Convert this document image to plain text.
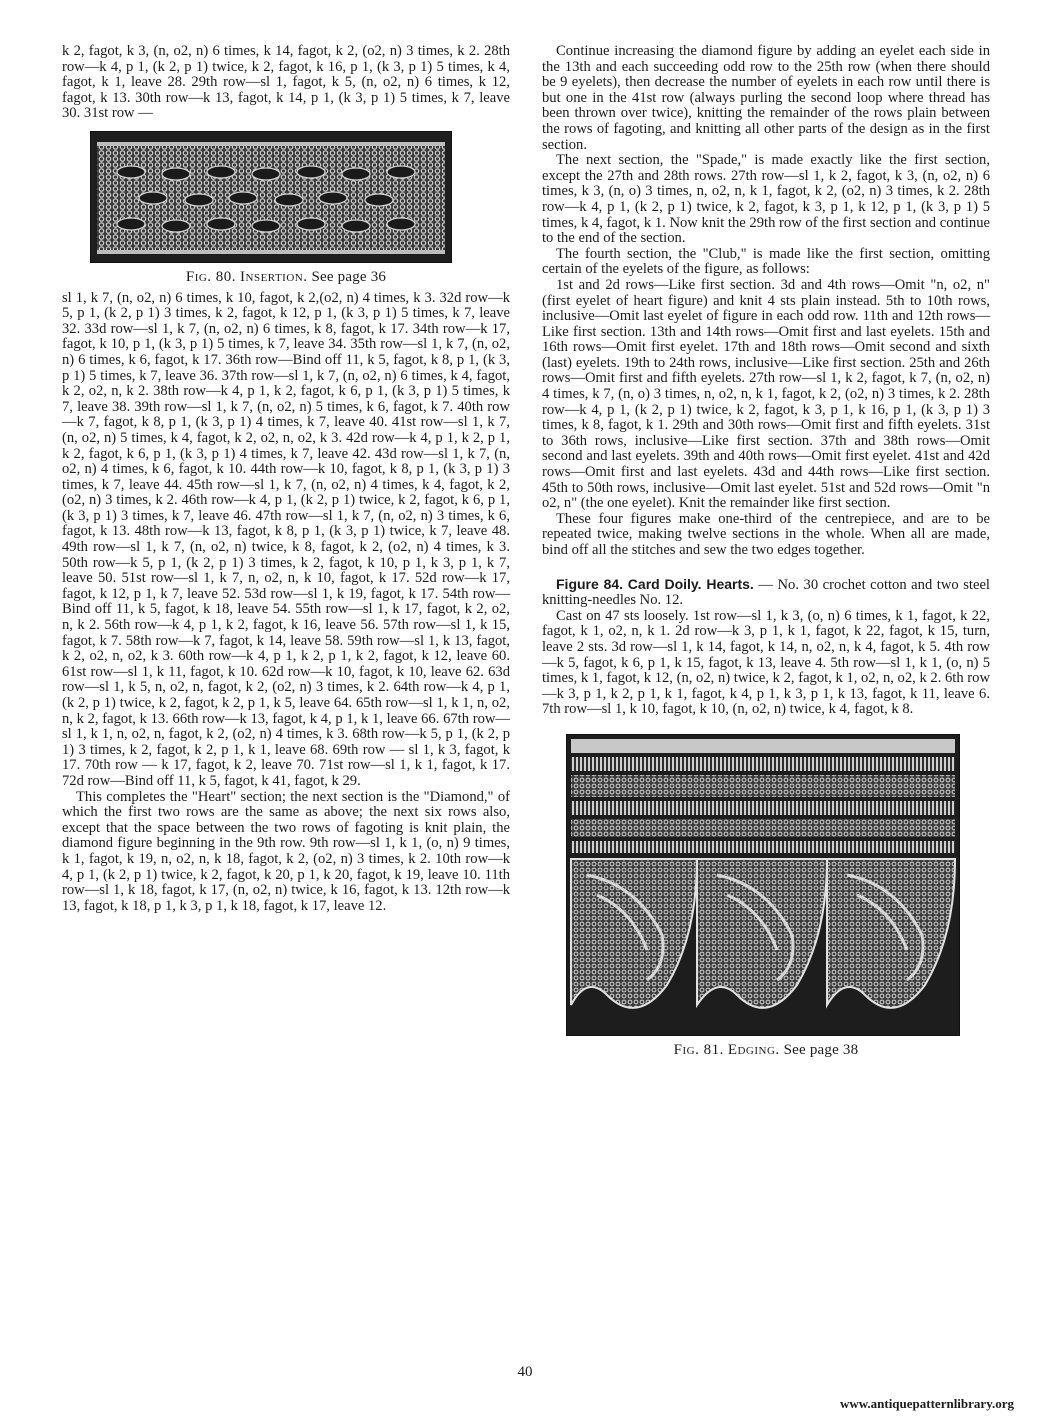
k 2, fagot, k 3, (n, o2, n) 6 times, k 14, fagot, k 2, (o2, n) 3 times, k 2. 28th row—k 4, p 1, (k 2, p 1) twice, k 2, fagot, k 16, p 1, (k 3, p 1) 5 times, k 4, fagot, k 1, leave 28. 29th row—sl 1, fagot, k 5, (n, o2, n) 6 times, k 12, fagot, k 13. 30th row—k 13, fagot, k 14, p 1, (k 3, p 1) 5 times, k 7, leave 30. 31st row —

Fig. 80. Insertion. See page 36

sl 1, k 7, (n, o2, n) 6 times, k 10, fagot, k 2,(o2, n) 4 times, k 3. 32d row—k 5, p 1, (k 2, p 1) 3 times, k 2, fagot, k 12, p 1, (k 3, p 1) 5 times, k 7, leave 32. 33d row—sl 1, k 7, (n, o2, n) 6 times, k 8, fagot, k 17. 34th row—k 17, fagot, k 10, p 1, (k 3, p 1) 5 times, k 7, leave 34. 35th row—sl 1, k 7, (n, o2, n) 6 times, k 6, fagot, k 17. 36th row—Bind off 11, k 5, fagot, k 8, p 1, (k 3, p 1) 5 times, k 7, leave 36. 37th row—sl 1, k 7, (n, o2, n) 6 times, k 4, fagot, k 2, o2, n, k 2. 38th row—k 4, p 1, k 2, fagot, k 6, p 1, (k 3, p 1) 5 times, k 7, leave 38. 39th row—sl 1, k 7, (n, o2, n) 5 times, k 6, fagot, k 7. 40th row—k 7, fagot, k 8, p 1, (k 3, p 1) 4 times, k 7, leave 40. 41st row—sl 1, k 7, (n, o2, n) 5 times, k 4, fagot, k 2, o2, n, o2, k 3. 42d row—k 4, p 1, k 2, p 1, k 2, fagot, k 6, p 1, (k 3, p 1) 4 times, k 7, leave 42. 43d row—sl 1, k 7, (n, o2, n) 4 times, k 6, fagot, k 10. 44th row—k 10, fagot, k 8, p 1, (k 3, p 1) 3 times, k 7, leave 44. 45th row—sl 1, k 7, (n, o2, n) 4 times, k 4, fagot, k 2, (o2, n) 3 times, k 2. 46th row—k 4, p 1, (k 2, p 1) twice, k 2, fagot, k 6, p 1, (k 3, p 1) 3 times, k 7, leave 46. 47th row—sl 1, k 7, (n, o2, n) 3 times, k 6, fagot, k 13. 48th row—k 13, fagot, k 8, p 1, (k 3, p 1) twice, k 7, leave 48. 49th row—sl 1, k 7, (n, o2, n) twice, k 8, fagot, k 2, (o2, n) 4 times, k 3. 50th row—k 5, p 1, (k 2, p 1) 3 times, k 2, fagot, k 10, p 1, k 3, p 1, k 7, leave 50. 51st row—sl 1, k 7, n, o2, n, k 10, fagot, k 17. 52d row—k 17, fagot, k 12, p 1, k 7, leave 52. 53d row—sl 1, k 19, fagot, k 17. 54th row—Bind off 11, k 5, fagot, k 18, leave 54. 55th row—sl 1, k 17, fagot, k 2, o2, n, k 2. 56th row—k 4, p 1, k 2, fagot, k 16, leave 56. 57th row—sl 1, k 15, fagot, k 7. 58th row—k 7, fagot, k 14, leave 58. 59th row—sl 1, k 13, fagot, k 2, o2, n, o2, k 3. 60th row—k 4, p 1, k 2, p 1, k 2, fagot, k 12, leave 60. 61st row—sl 1, k 11, fagot, k 10. 62d row—k 10, fagot, k 10, leave 62. 63d row—sl 1, k 5, n, o2, n, fagot, k 2, (o2, n) 3 times, k 2. 64th row—k 4, p 1, (k 2, p 1) twice, k 2, fagot, k 2, p 1, k 5, leave 64. 65th row—sl 1, k 1, n, o2, n, k 2, fagot, k 13. 66th row—k 13, fagot, k 4, p 1, k 1, leave 66. 67th row—sl 1, k 1, n, o2, n, fagot, k 2, (o2, n) 4 times, k 3. 68th row—k 5, p 1, (k 2, p 1) 3 times, k 2, fagot, k 2, p 1, k 1, leave 68. 69th row — sl 1, k 3, fagot, k 17. 70th row — k 17, fagot, k 2, leave 70. 71st row—sl 1, k 1, fagot, k 17. 72d row—Bind off 11, k 5, fagot, k 41, fagot, k 29.

This completes the "Heart" section; the next section is the "Diamond," of which the first two rows are the same as above; the next six rows also, except that the space between the two rows of fagoting is knit plain, the diamond figure beginning in the 9th row. 9th row—sl 1, k 1, (o, n) 9 times, k 1, fagot, k 19, n, o2, n, k 18, fagot, k 2, (o2, n) 3 times, k 2. 10th row—k 4, p 1, (k 2, p 1) twice, k 2, fagot, k 20, p 1, k 20, fagot, k 19, leave 10. 11th row—sl 1, k 18, fagot, k 17, (n, o2, n) twice, k 16, fagot, k 13. 12th row—k 13, fagot, k 18, p 1, k 3, p 1, k 18, fagot, k 17, leave 12.

Continue increasing the diamond figure by adding an eyelet each side in the 13th and each succeeding odd row to the 25th row (when there should be 9 eyelets), then decrease the number of eyelets in each row until there is but one in the 41st row (always purling the second loop where thread has been thrown over twice), knitting the remainder of the rows plain between the rows of fagoting, and knitting all other parts of the design as in the first section.

The next section, the "Spade," is made exactly like the first section, except the 27th and 28th rows. 27th row—sl 1, k 2, fagot, k 3, (n, o2, n) 6 times, k 3, (n, o) 3 times, n, o2, n, k 1, fagot, k 2, (o2, n) 3 times, k 2. 28th row—k 4, p 1, (k 2, p 1) twice, k 2, fagot, k 3, p 1, k 12, p 1, (k 3, p 1) 5 times, k 4, fagot, k 1. Now knit the 29th row of the first section and continue to the end of the section.

The fourth section, the "Club," is made like the first section, omitting certain of the eyelets of the figure, as follows:

1st and 2d rows—Like first section. 3d and 4th rows—Omit "n, o2, n" (first eyelet of heart figure) and knit 4 sts plain instead. 5th to 10th rows, inclusive—Omit last eyelet of figure in each odd row. 11th and 12th rows—Like first section. 13th and 14th rows—Omit first and last eyelets. 15th and 16th rows—Omit first eyelet. 17th and 18th rows—Omit second and sixth (last) eyelets. 19th to 24th rows, inclusive—Like first section. 25th and 26th rows—Omit first and fifth eyelets. 27th row—sl 1, k 2, fagot, k 7, (n, o2, n) 4 times, k 7, (n, o) 3 times, n, o2, n, k 1, fagot, k 2, (o2, n) 3 times, k 2. 28th row—k 4, p 1, (k 2, p 1) twice, k 2, fagot, k 3, p 1, k 16, p 1, (k 3, p 1) 3 times, k 8, fagot, k 1. 29th and 30th rows—Omit first and fifth eyelets. 31st to 36th rows, inclusive—Like first section. 37th and 38th rows—Omit second and last eyelets. 39th and 40th rows—Omit first eyelet. 41st and 42d rows—Omit first and last eyelets. 43d and 44th rows—Like first section. 45th to 50th rows, inclusive—Omit last eyelet. 51st and 52d rows—Omit "n o2, n" (the one eyelet). Knit the remainder like first section.

These four figures make one-third of the centrepiece, and are to be repeated twice, making twelve sections in the whole. When all are made, bind off all the stitches and sew the two edges together.

Figure 84. Card Doily. Hearts. — No. 30 crochet cotton and two steel knitting-needles No. 12.

Cast on 47 sts loosely. 1st row—sl 1, k 3, (o, n) 6 times, k 1, fagot, k 22, fagot, k 1, o2, n, k 1. 2d row—k 3, p 1, k 1, fagot, k 22, fagot, k 15, turn, leave 2 sts. 3d row—sl 1, k 14, fagot, k 14, n, o2, n, k 4, fagot, k 5. 4th row—k 5, fagot, k 6, p 1, k 15, fagot, k 13, leave 4. 5th row—sl 1, k 1, (o, n) 5 times, k 1, fagot, k 12, (n, o2, n) twice, k 2, fagot, k 1, o2, n, o2, k 2. 6th row—k 3, p 1, k 2, p 1, k 1, fagot, k 4, p 1, k 3, p 1, k 13, fagot, k 11, leave 6. 7th row—sl 1, k 10, fagot, k 10, (n, o2, n) twice, k 4, fagot, k 8.

Fig. 81. Edging. See page 38
40
www.antiquepatternlibrary.org
